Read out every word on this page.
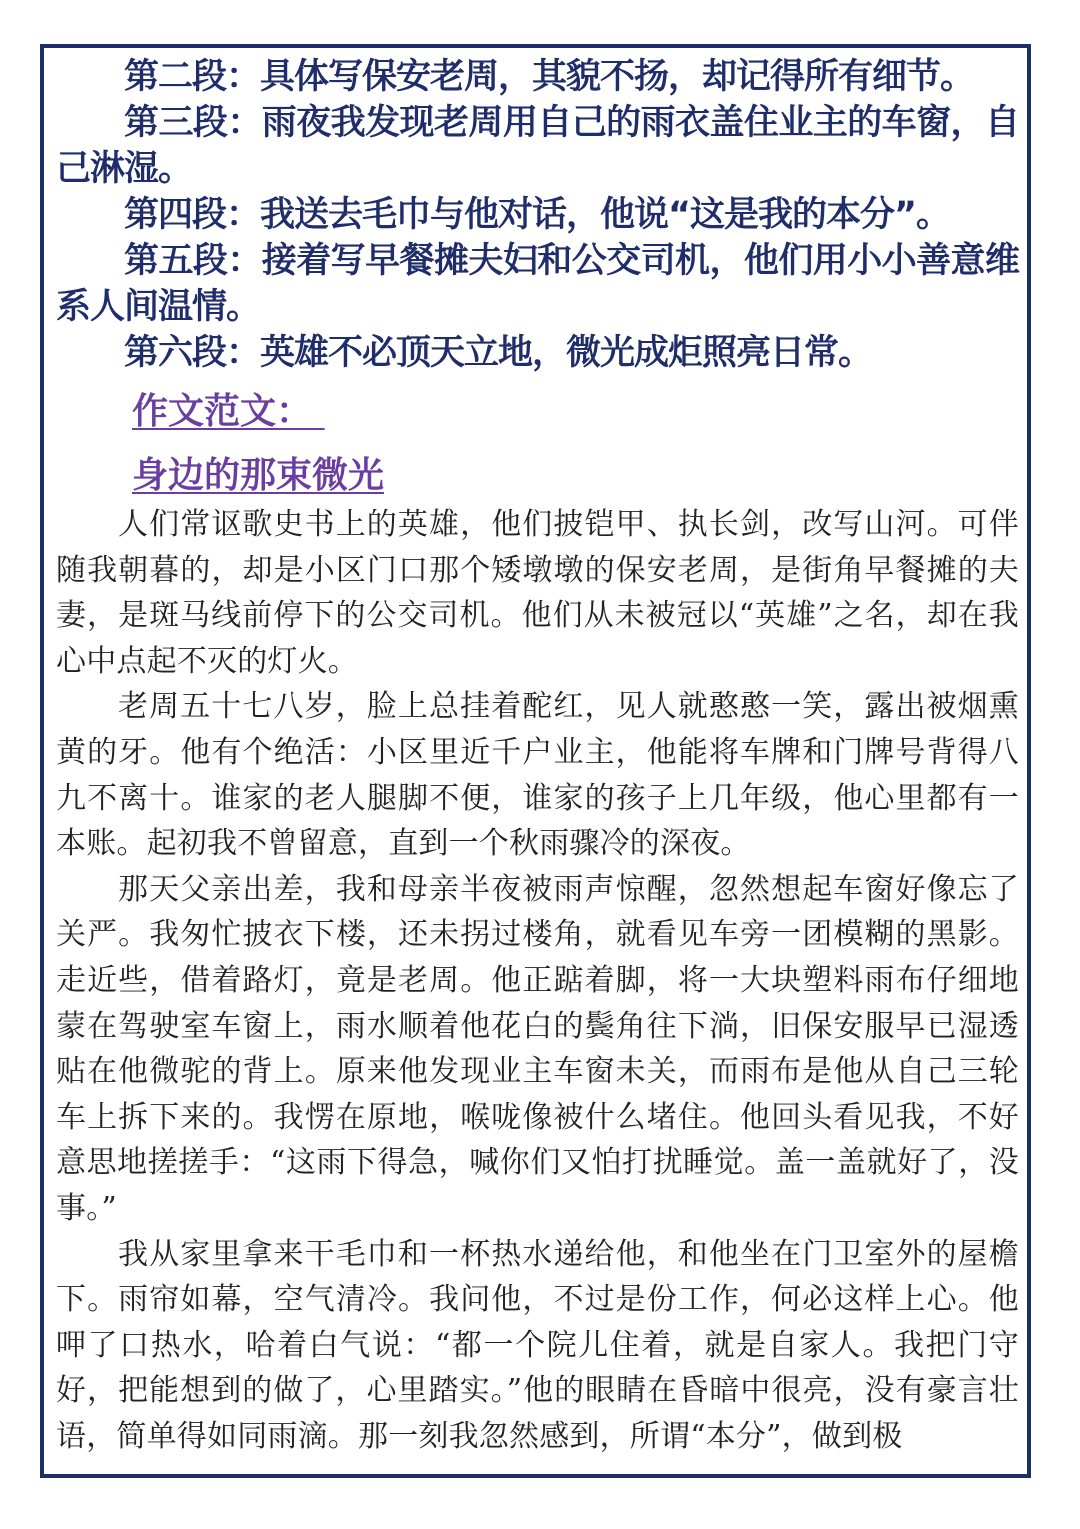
第二段：具体写保安老周，其貌不扬，却记得所有细节。

第三段：雨夜我发现老周用自己的雨衣盖住业主的车窗，自己淋湿。

第四段：我送去毛巾与他对话，他说“这是我的本分”。

第五段：接着写早餐摊夫妇和公交司机，他们用小小善意维系人间温情。

第六段：英雄不必顶天立地，微光成炬照亮日常。

作文范文：
身边的那束微光

人们常讴歌史书上的英雄，他们披铠甲、执长剑，改写山河。可伴随我朝暮的，却是小区门口那个矮墩墩的保安老周，是街角早餐摊的夫妻，是斑马线前停下的公交司机。他们从未被冠以“英雄”之名，却在我心中点起不灭的灯火。

老周五十七八岁，脸上总挂着酡红，见人就憨憨一笑，露出被烟熏黄的牙。他有个绝活：小区里近千户业主，他能将车牌和门牌号背得八九不离十。谁家的老人腿脚不便，谁家的孩子上几年级，他心里都有一本账。起初我不曾留意，直到一个秋雨骤冷的深夜。

那天父亲出差，我和母亲半夜被雨声惊醒，忽然想起车窗好像忘了关严。我匆忙披衣下楼，还未拐过楼角，就看见车旁一团模糊的黑影。走近些，借着路灯，竟是老周。他正踮着脚，将一大块塑料雨布仔细地蒙在驾驶室车窗上，雨水顺着他花白的鬓角往下淌，旧保安服早已湿透贴在他微驼的背上。原来他发现业主车窗未关，而雨布是他从自己三轮车上拆下来的。我愣在原地，喉咙像被什么堵住。他回头看见我，不好意思地搓搓手：“这雨下得急，喊你们又怕打扰睡觉。盖一盖就好了，没事。”

我从家里拿来干毛巾和一杯热水递给他，和他坐在门卫室外的屋檐下。雨帘如幕，空气清冷。我问他，不过是份工作，何必这样上心。他呷了口热水，哈着白气说：“都一个院儿住着，就是自家人。我把门守好，把能想到的做了，心里踏实。”他的眼睛在昏暗中很亮，没有豪言壮语，简单得如同雨滴。那一刻我忽然感到，所谓“本分”，做到极
